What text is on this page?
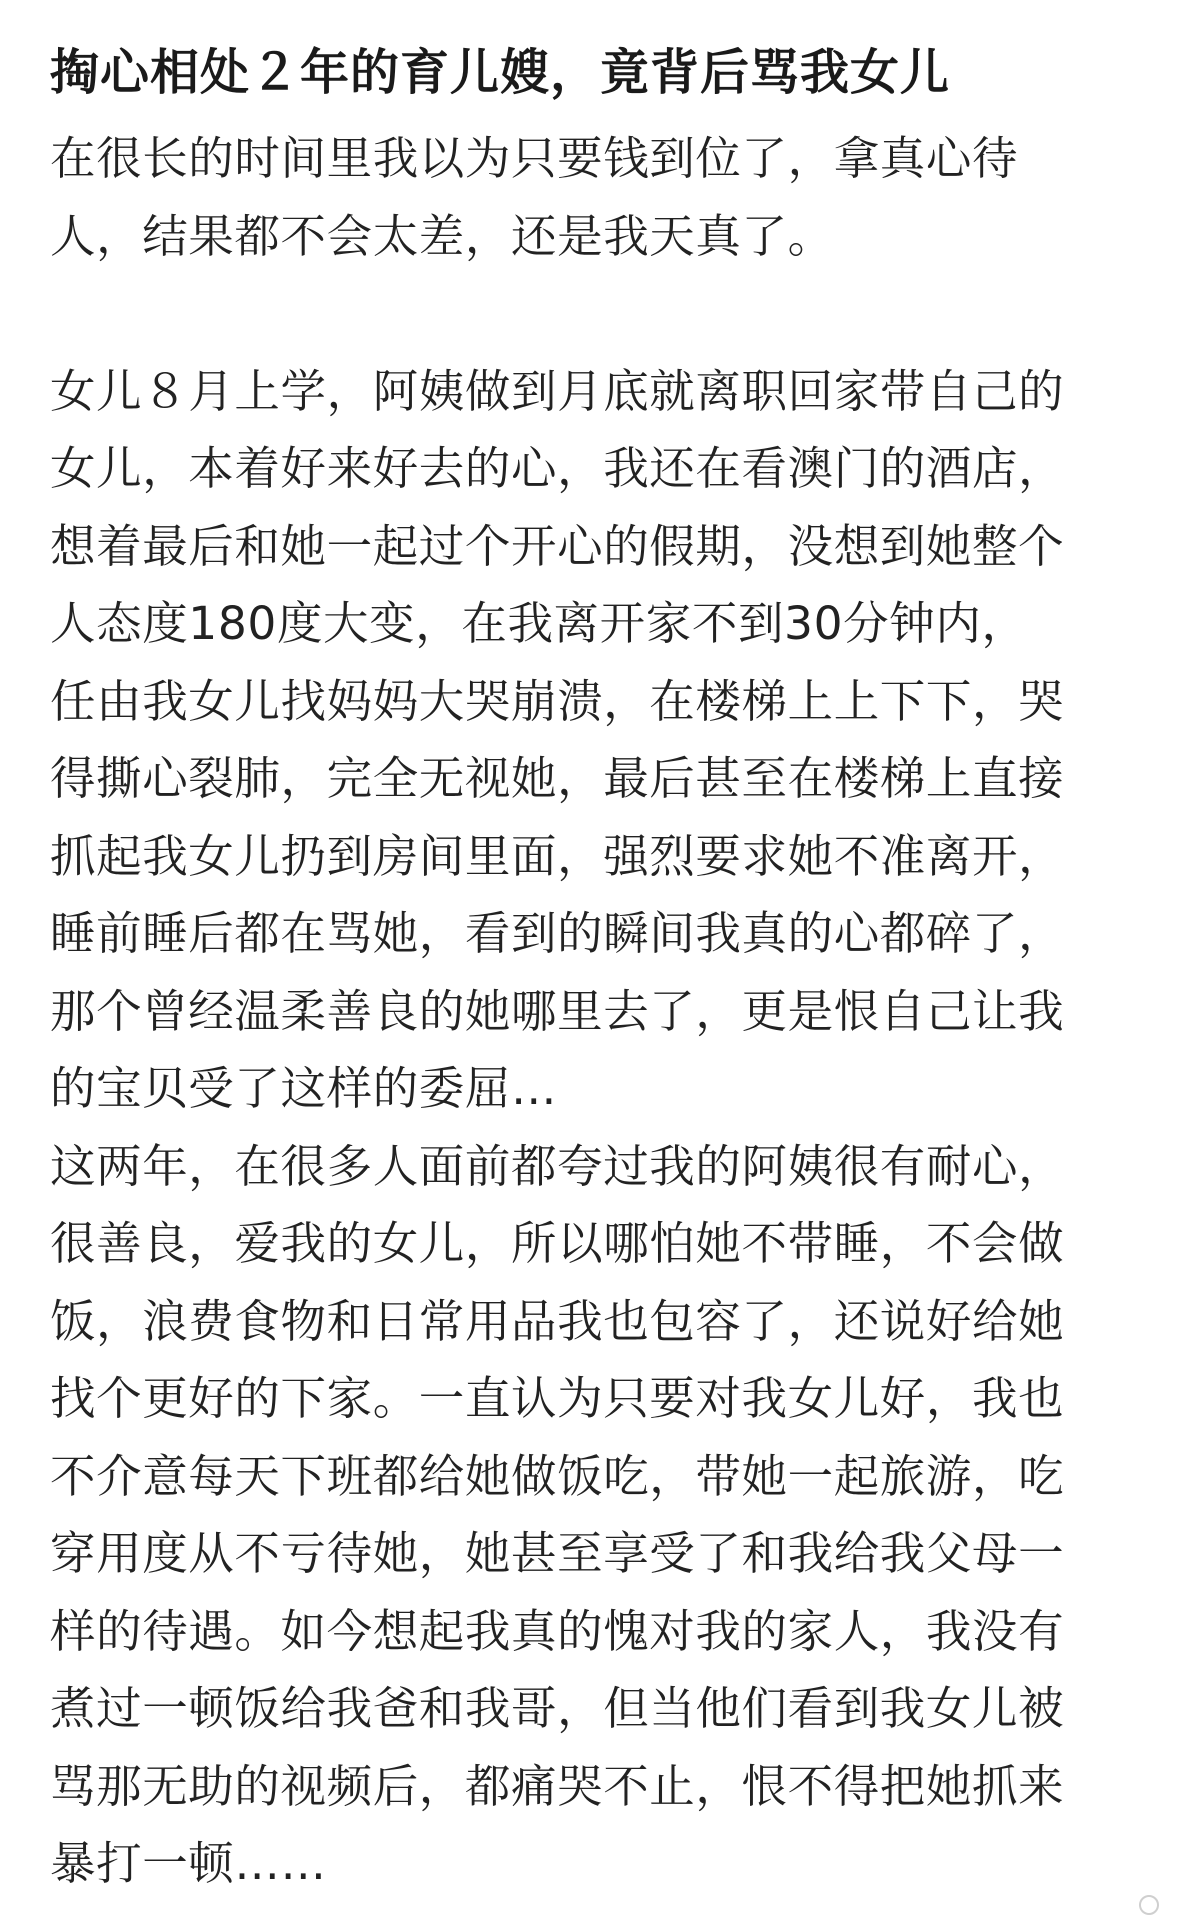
掏心相处２年的育儿嫂，竟背后骂我女儿
在很长的时间里我以为只要钱到位了，拿真心待
人，结果都不会太差，还是我天真了。
女儿８月上学，阿姨做到月底就离职回家带自己的
女儿，本着好来好去的心，我还在看澳门的酒店，
想着最后和她一起过个开心的假期，没想到她整个
人态度180度大变，在我离开家不到30分钟内，
任由我女儿找妈妈大哭崩溃，在楼梯上上下下，哭
得撕心裂肺，完全无视她，最后甚至在楼梯上直接
抓起我女儿扔到房间里面，强烈要求她不准离开，
睡前睡后都在骂她，看到的瞬间我真的心都碎了，
那个曾经温柔善良的她哪里去了，更是恨自己让我
的宝贝受了这样的委屈…
这两年，在很多人面前都夸过我的阿姨很有耐心，
很善良，爱我的女儿，所以哪怕她不带睡，不会做
饭，浪费食物和日常用品我也包容了，还说好给她
找个更好的下家。一直认为只要对我女儿好，我也
不介意每天下班都给她做饭吃，带她一起旅游，吃
穿用度从不亏待她，她甚至享受了和我给我父母一
样的待遇。如今想起我真的愧对我的家人，我没有
煮过一顿饭给我爸和我哥，但当他们看到我女儿被
骂那无助的视频后，都痛哭不止，恨不得把她抓来
暴打一顿……
